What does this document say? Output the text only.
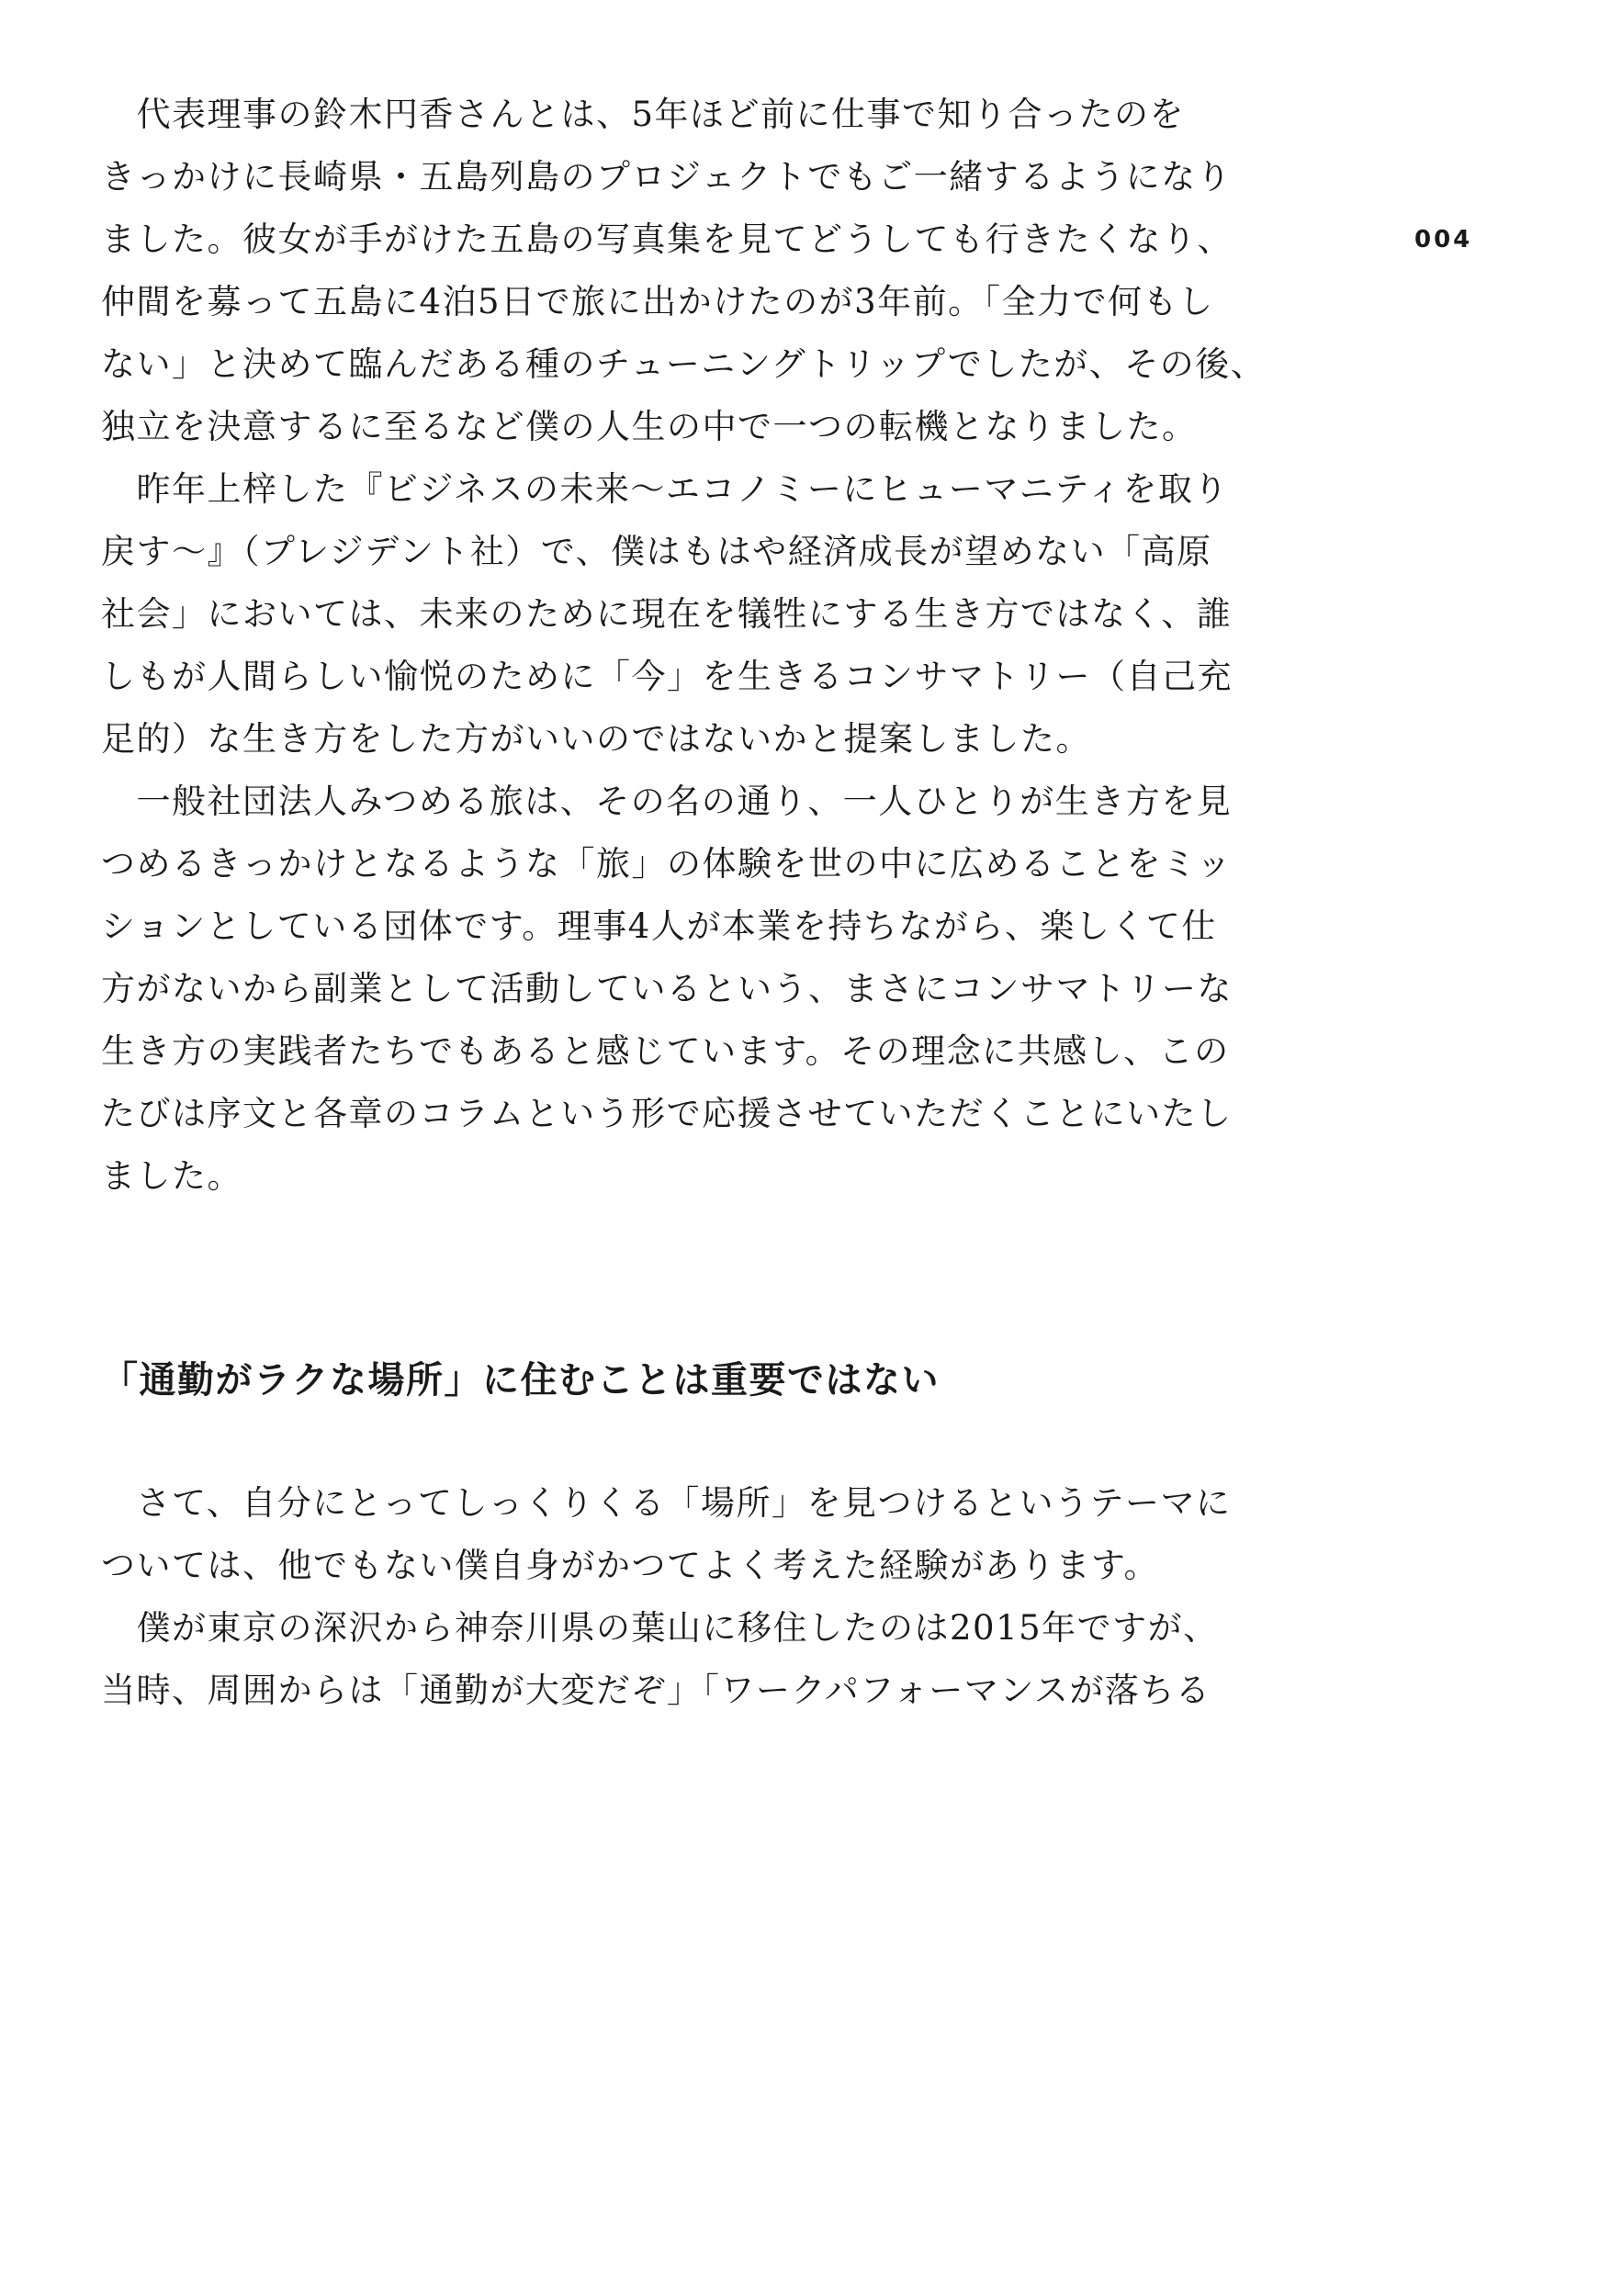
004
　代表理事の鈴木円香さんとは、5年ほど前に仕事で知り合ったのを
きっかけに長崎県・五島列島のプロジェクトでもご一緒するようになり
ました。彼女が手がけた五島の写真集を見てどうしても行きたくなり、
仲間を募って五島に4泊5日で旅に出かけたのが3年前。「全力で何もし
ない」と決めて臨んだある種のチューニングトリップでしたが、その後、
独立を決意するに至るなど僕の人生の中で一つの転機となりました。
　昨年上梓した『ビジネスの未来〜エコノミーにヒューマニティを取り
戻す〜』（プレジデント社）で、僕はもはや経済成長が望めない「高原
社会」においては、未来のために現在を犠牲にする生き方ではなく、誰
しもが人間らしい愉悦のために「今」を生きるコンサマトリー（自己充
足的）な生き方をした方がいいのではないかと提案しました。
　一般社団法人みつめる旅は、その名の通り、一人ひとりが生き方を見
つめるきっかけとなるような「旅」の体験を世の中に広めることをミッ
ションとしている団体です。理事4人が本業を持ちながら、楽しくて仕
方がないから副業として活動しているという、まさにコンサマトリーな
生き方の実践者たちでもあると感じています。その理念に共感し、この
たびは序文と各章のコラムという形で応援させていただくことにいたし
ました。
「通勤がラクな場所」に住むことは重要ではない
　さて、自分にとってしっくりくる「場所」を見つけるというテーマに
ついては、他でもない僕自身がかつてよく考えた経験があります。
　僕が東京の深沢から神奈川県の葉山に移住したのは2015年ですが、
当時、周囲からは「通勤が大変だぞ」「ワークパフォーマンスが落ちる
